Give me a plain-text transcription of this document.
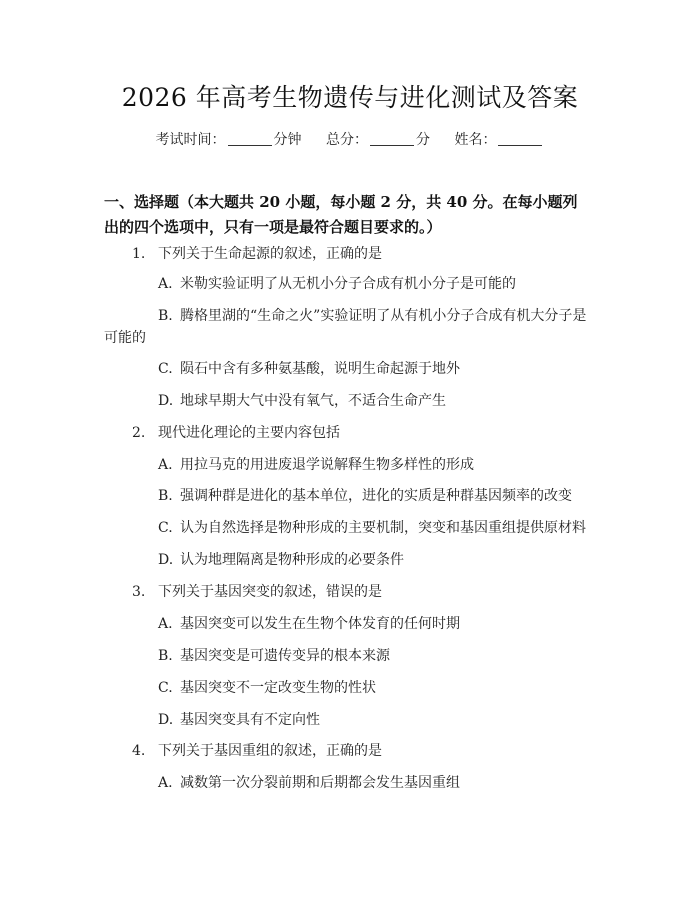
2026 年高考生物遗传与进化测试及答案
考试时间：	分钟 总分：	分 姓名：
一、选择题（本大题共 20 小题，每小题 2 分，共 40 分。在每小题列出的四个选项中，只有一项是最符合题目要求的。）
1. 下列关于生命起源的叙述，正确的是
A. 米勒实验证明了从无机小分子合成有机小分子是可能的
B. 腾格里湖的“生命之火”实验证明了从有机小分子合成有机大分子是
可能的
C. 陨石中含有多种氨基酸，说明生命起源于地外
D. 地球早期大气中没有氧气，不适合生命产生
2. 现代进化理论的主要内容包括
A. 用拉马克的用进废退学说解释生物多样性的形成
B. 强调种群是进化的基本单位，进化的实质是种群基因频率的改变
C. 认为自然选择是物种形成的主要机制，突变和基因重组提供原材料
D. 认为地理隔离是物种形成的必要条件
3. 下列关于基因突变的叙述，错误的是
A. 基因突变可以发生在生物个体发育的任何时期
B. 基因突变是可遗传变异的根本来源
C. 基因突变不一定改变生物的性状
D. 基因突变具有不定向性
4. 下列关于基因重组的叙述，正确的是
A. 减数第一次分裂前期和后期都会发生基因重组
